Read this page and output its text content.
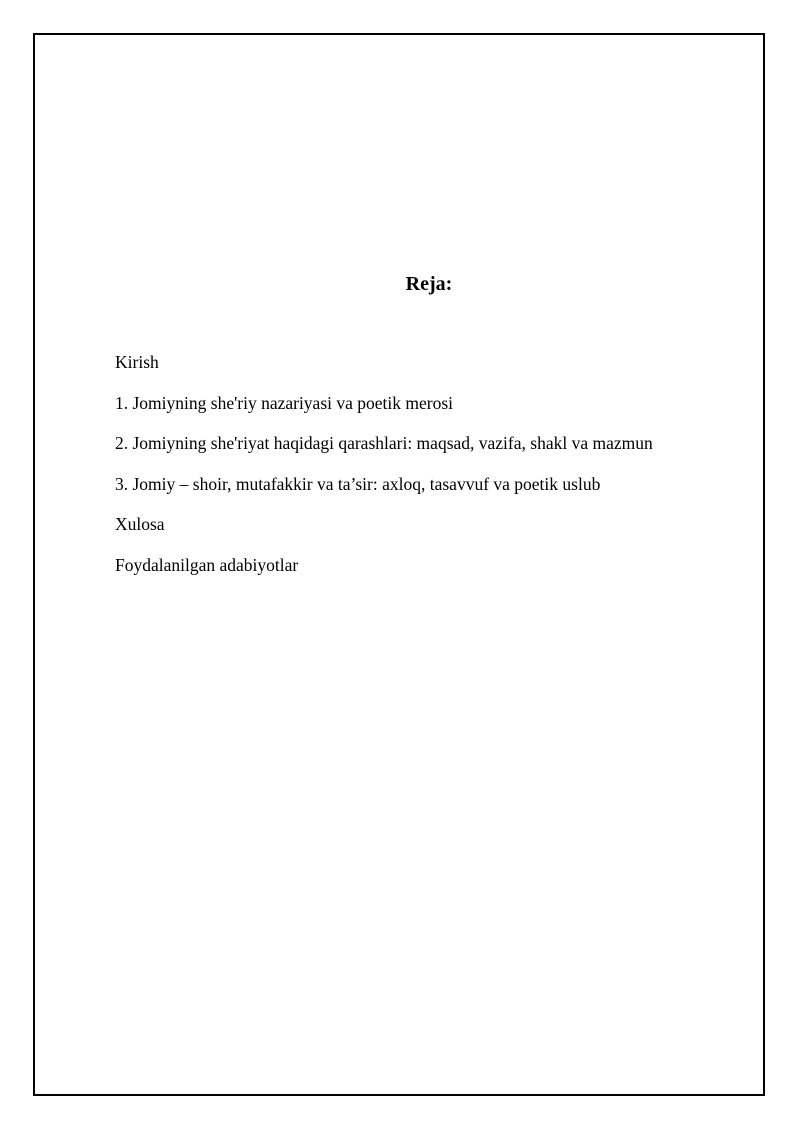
Reja:
Kirish
1. Jomiyning she'riy nazariyasi va poetik merosi
2. Jomiyning she'riyat haqidagi qarashlari: maqsad, vazifa, shakl va mazmun
3. Jomiy – shoir, mutafakkir va ta’sir: axloq, tasavvuf va poetik uslub
Xulosa
Foydalanilgan adabiyotlar
